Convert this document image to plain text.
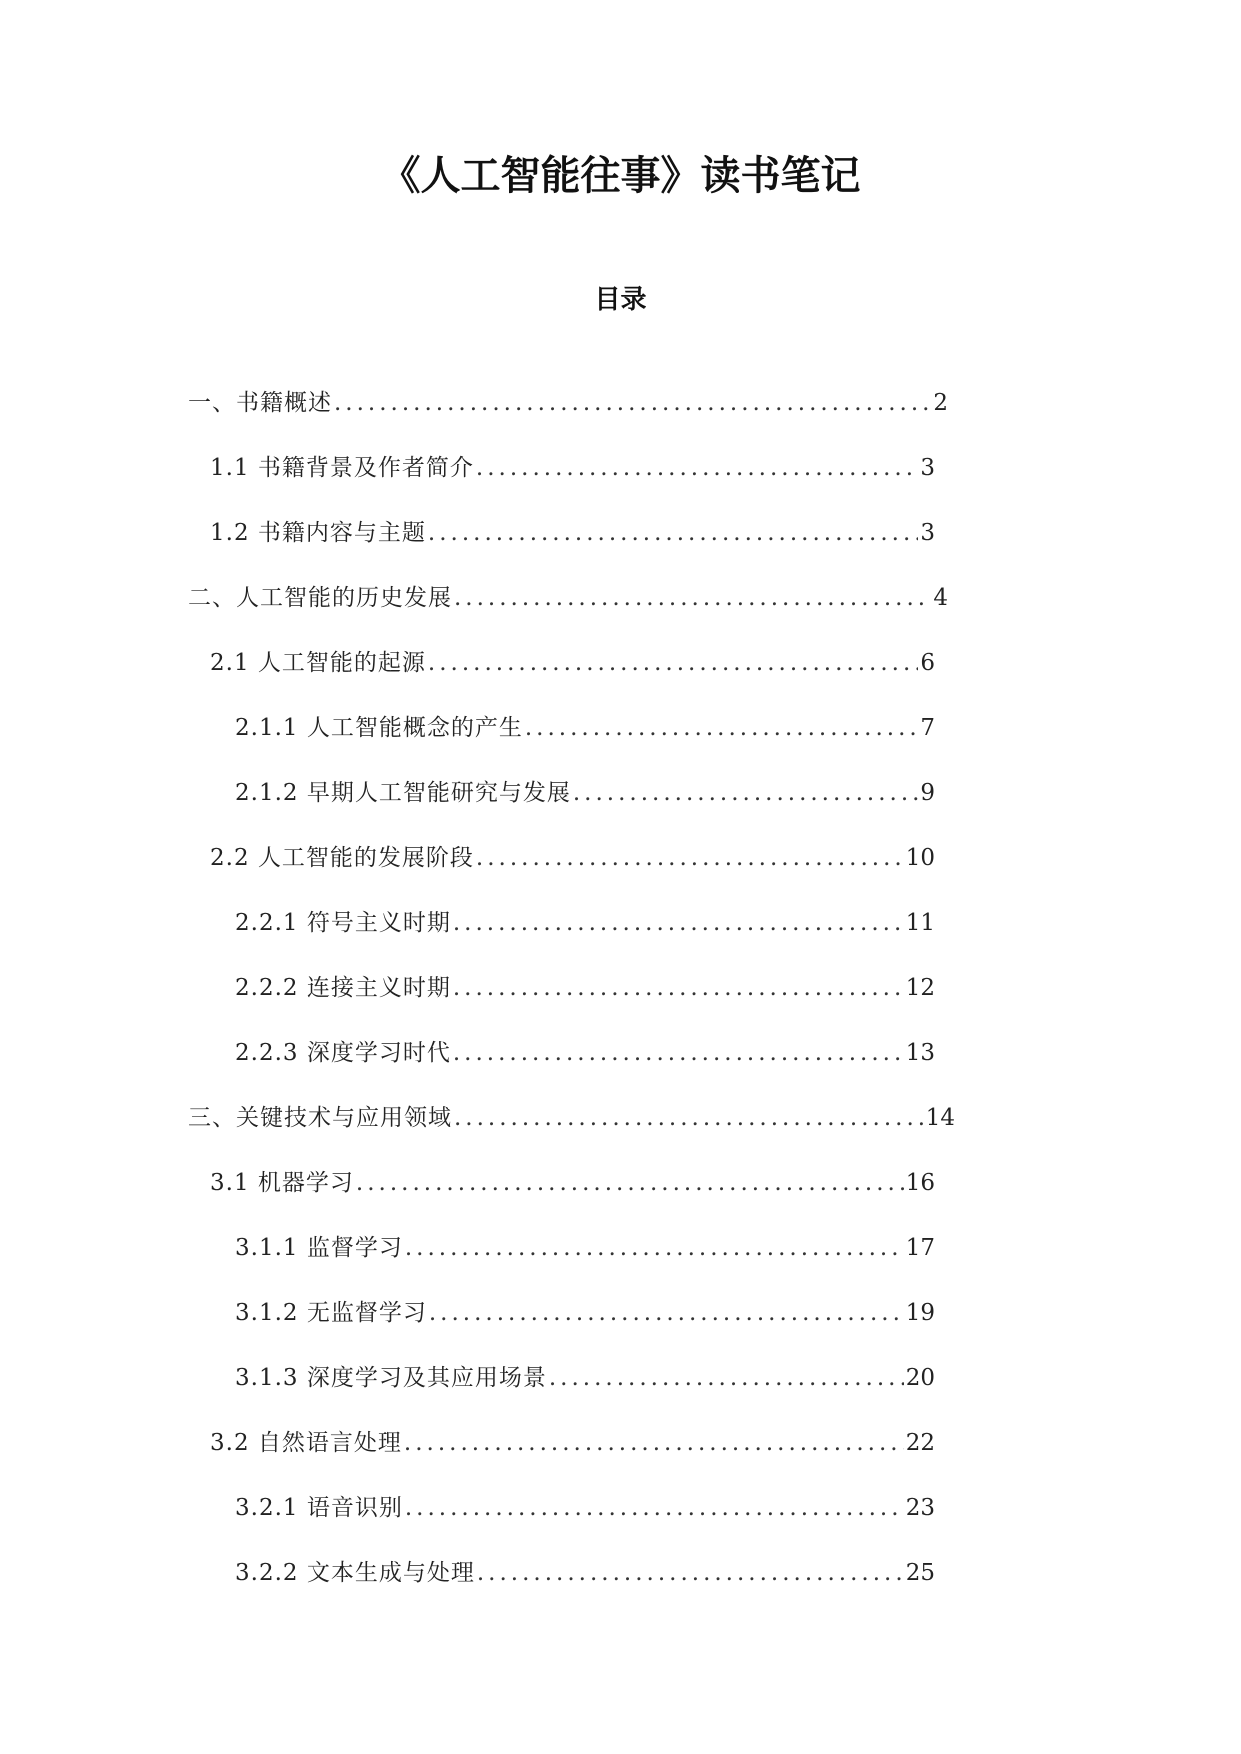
《人工智能往事》读书笔记
目录
一、书籍概述 .....	2
1.1 书籍背景及作者简介 .....	3
1.2 书籍内容与主题 .....	3
二、人工智能的历史发展 .....	4
2.1 人工智能的起源 .....	6
2.1.1 人工智能概念的产生 .....	7
2.1.2 早期人工智能研究与发展 .....	9
2.2 人工智能的发展阶段 .....	10
2.2.1 符号主义时期 .....	11
2.2.2 连接主义时期 .....	12
2.2.3 深度学习时代 .....	13
三、关键技术与应用领域 .....	14
3.1 机器学习 .....	16
3.1.1 监督学习 .....	17
3.1.2 无监督学习 .....	19
3.1.3 深度学习及其应用场景 .....	20
3.2 自然语言处理 .....	22
3.2.1 语音识别 .....	23
3.2.2 文本生成与处理 .....	25
